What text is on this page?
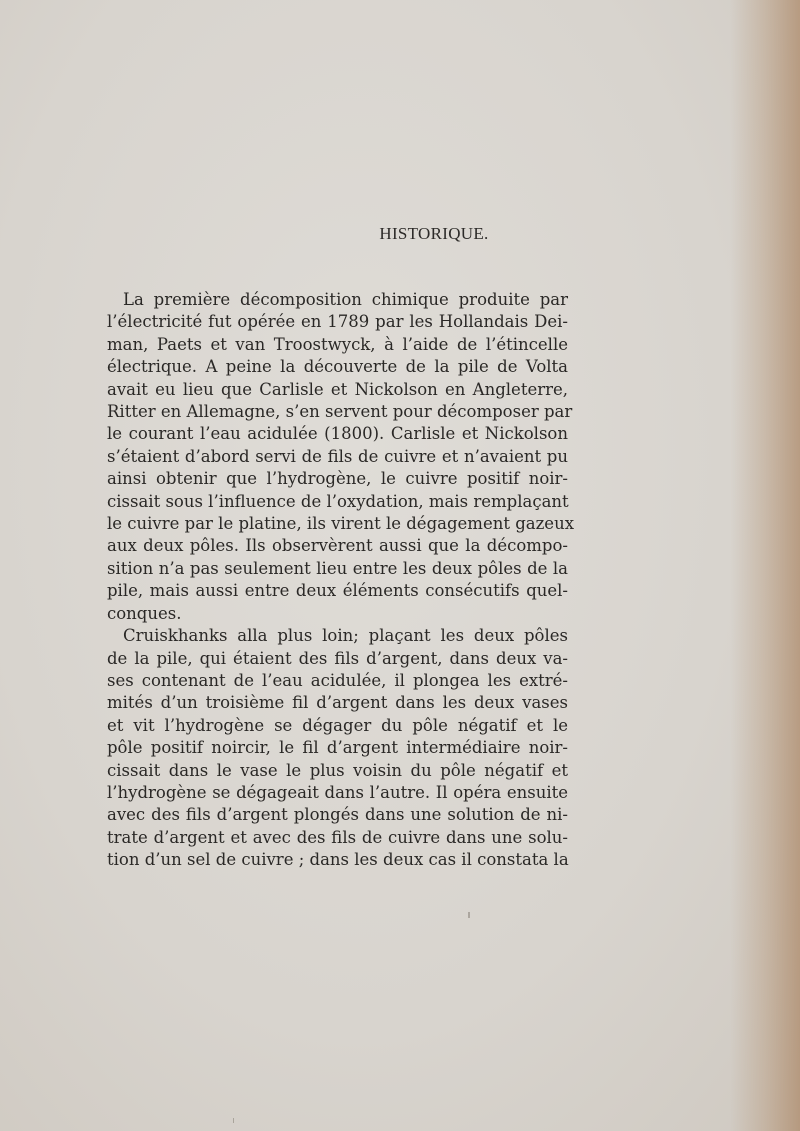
HISTORIQUE.

La première décomposition chimique produite par
l’électricité fut opérée en 1789 par les Hollandais Dei-
man, Paets et van Troostwyck, à l’aide de l’étincelle
électrique. A peine la découverte de la pile de Volta
avait eu lieu que Carlisle et Nickolson en Angleterre,
Ritter en Allemagne, s’en servent pour décomposer par
le courant l’eau acidulée (1800). Carlisle et Nickolson
s’étaient d’abord servi de fils de cuivre et n’avaient pu
ainsi obtenir que l’hydrogène, le cuivre positif noir-
cissait sous l’influence de l’oxydation, mais remplaçant
le cuivre par le platine, ils virent le dégagement gazeux
aux deux pôles. Ils observèrent aussi que la décompo-
sition n’a pas seulement lieu entre les deux pôles de la
pile, mais aussi entre deux éléments consécutifs quel-
conques.

Cruiskhanks alla plus loin; plaçant les deux pôles
de la pile, qui étaient des fils d’argent, dans deux va-
ses contenant de l’eau acidulée, il plongea les extré-
mités d’un troisième fil d’argent dans les deux vases
et vit l’hydrogène se dégager du pôle négatif et le
pôle positif noircir, le fil d’argent intermédiaire noir-
cissait dans le vase le plus voisin du pôle négatif et
l’hydrogène se dégageait dans l’autre. Il opéra ensuite
avec des fils d’argent plongés dans une solution de ni-
trate d’argent et avec des fils de cuivre dans une solu-
tion d’un sel de cuivre ; dans les deux cas il constata la
